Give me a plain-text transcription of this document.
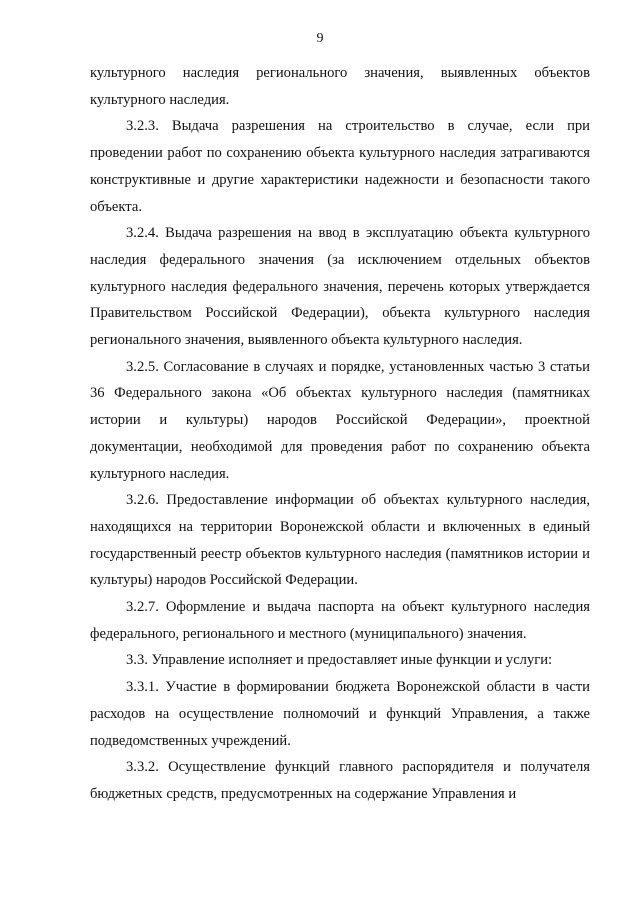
9

культурного наследия регионального значения, выявленных объектов культурного наследия.

3.2.3. Выдача разрешения на строительство в случае, если при проведении работ по сохранению объекта культурного наследия затрагиваются конструктивные и другие характеристики надежности и безопасности такого объекта.

3.2.4. Выдача разрешения на ввод в эксплуатацию объекта культурного наследия федерального значения (за исключением отдельных объектов культурного наследия федерального значения, перечень которых утверждается Правительством Российской Федерации), объекта культурного наследия регионального значения, выявленного объекта культурного наследия.

3.2.5. Согласование в случаях и порядке, установленных частью 3 статьи 36 Федерального закона «Об объектах культурного наследия (памятниках истории и культуры) народов Российской Федерации», проектной документации, необходимой для проведения работ по сохранению объекта культурного наследия.

3.2.6. Предоставление информации об объектах культурного наследия, находящихся на территории Воронежской области и включенных в единый государственный реестр объектов культурного наследия (памятников истории и культуры) народов Российской Федерации.

3.2.7. Оформление и выдача паспорта на объект культурного наследия федерального, регионального и местного (муниципального) значения.

3.3. Управление исполняет и предоставляет иные функции и услуги:

3.3.1. Участие в формировании бюджета Воронежской области в части расходов на осуществление полномочий и функций Управления, а также подведомственных учреждений.

3.3.2. Осуществление функций главного распорядителя и получателя бюджетных средств, предусмотренных на содержание Управления и
